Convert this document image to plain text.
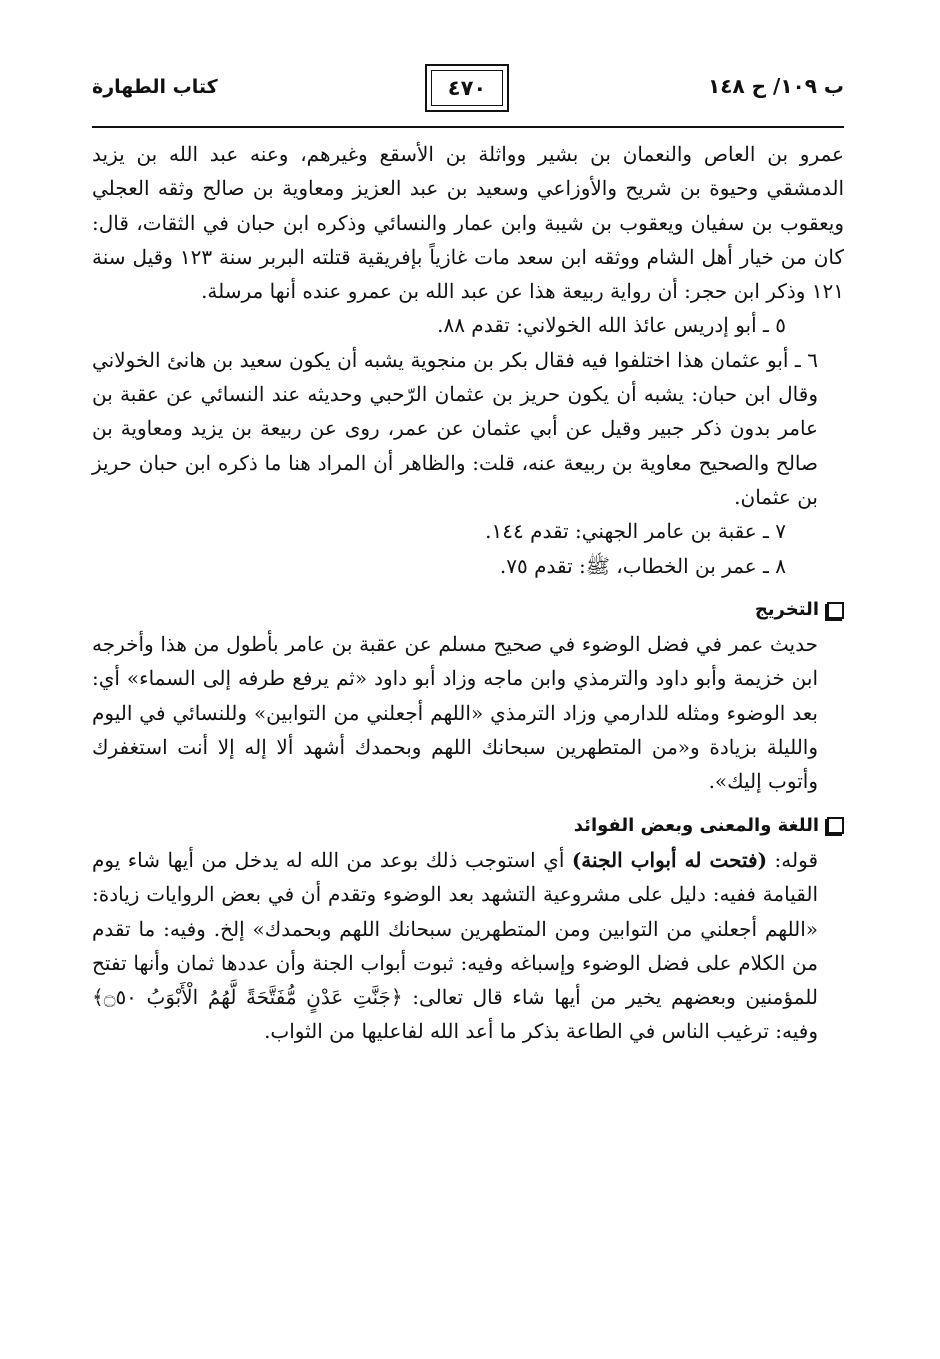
كتاب الطهارة	٤٧٠	ب ١٠٩/ ح ١٤٨

عمرو بن العاص والنعمان بن بشير وواثلة بن الأسقع وغيرهم، وعنه عبد الله بن يزيد الدمشقي وحيوة بن شريح والأوزاعي وسعيد بن عبد العزيز ومعاوية بن صالح وثقه العجلي ويعقوب بن سفيان ويعقوب بن شيبة وابن عمار والنسائي وذكره ابن حبان في الثقات، قال: كان من خيار أهل الشام ووثقه ابن سعد مات غازياً بإفريقية قتلته البربر سنة ١٢٣ وقيل سنة ١٢١ وذكر ابن حجر: أن رواية ربيعة هذا عن عبد الله بن عمرو عنده أنها مرسلة.

٥ ـ أبو إدريس عائذ الله الخولاني: تقدم ٨٨.

٦ ـ أبو عثمان هذا اختلفوا فيه فقال بكر بن منجوية يشبه أن يكون سعيد بن هانئ الخولاني وقال ابن حبان: يشبه أن يكون حريز بن عثمان الرّحبي وحديثه عند النسائي عن عقبة بن عامر بدون ذكر جبير وقيل عن أبي عثمان عن عمر، روى عن ربيعة بن يزيد ومعاوية بن صالح والصحيح معاوية بن ربيعة عنه، قلت: والظاهر أن المراد هنا ما ذكره ابن حبان حريز بن عثمان.

٧ ـ عقبة بن عامر الجهني: تقدم ١٤٤.

٨ ـ عمر بن الخطاب، ﷺ: تقدم ٧٥.

التخريج

حديث عمر في فضل الوضوء في صحيح مسلم عن عقبة بن عامر بأطول من هذا وأخرجه ابن خزيمة وأبو داود والترمذي وابن ماجه وزاد أبو داود «ثم يرفع طرفه إلى السماء» أي: بعد الوضوء ومثله للدارمي وزاد الترمذي «اللهم أجعلني من التوابين» وللنسائي في اليوم والليلة بزيادة و«من المتطهرين سبحانك اللهم وبحمدك أشهد ألا إله إلا أنت استغفرك وأتوب إليك».

اللغة والمعنى وبعض الفوائد

قوله: (فتحت له أبواب الجنة) أي استوجب ذلك بوعد من الله له يدخل من أيها شاء يوم القيامة ففيه: دليل على مشروعية التشهد بعد الوضوء وتقدم أن في بعض الروايات زيادة: «اللهم أجعلني من التوابين ومن المتطهرين سبحانك اللهم وبحمدك» إلخ. وفيه: ما تقدم من الكلام على فضل الوضوء وإسباغه وفيه: ثبوت أبواب الجنة وأن عددها ثمان وأنها تفتح للمؤمنين وبعضهم يخير من أيها شاء قال تعالى: ﴿جَنَّتِ عَدْنٍ مُّفَتَّحَةً لَّهُمُ الْأَبْوَبُ ۝٥٠﴾ وفيه: ترغيب الناس في الطاعة بذكر ما أعد الله لفاعليها من الثواب.
